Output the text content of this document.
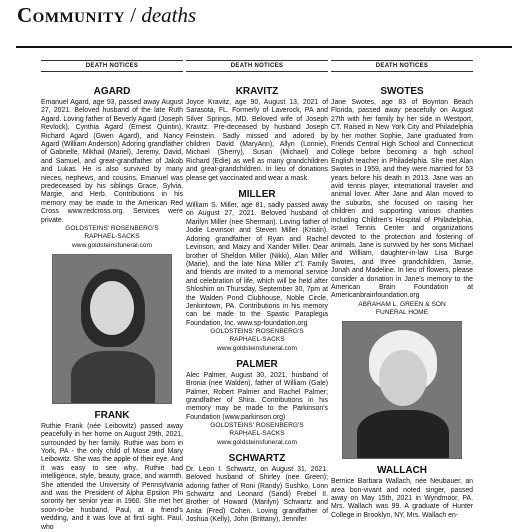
Community / deaths
DEATH NOTICES

AGARD

Emanuel Agard, age 93, passed away August 27, 2021. Beloved husband of the late Ruth Agard. Loving father of Beverly Agard (Joseph Revlock), Cynthia Agard (Ernest Quintin), Richard Agard (Gwen Agard), and Nancy Agard (William Anderson) Adoring grandfather of Gabrielle, Mikhail (Mariel), Jeremy, David, and Samuel, and great-grandfather of Jakob and Lukas. He is also survived by many nieces, nephews, and cousins. Emanuel was predeceased by his siblings Grace, Sylvia, Margie, and Herb. Contributions in his memory may be made to the American Red Cross www.redcross.org. Services were private.

GOLDSTEINS' ROSENBERG'S

RAPHAEL-SACKS

www.goldsteinsfuneral.com

FRANK

Ruthie Frank (née Leibowitz) passed away peacefully in her home on August 29th, 2021, surrounded by her family. Ruthie was born in York, PA - the only child of Mose and Mary Leibowitz. She was the apple of their eye. And it was easy to see why. Ruthie had intelligence, style, beauty, grace, and warmth. She attended the University of Pennsylvania and was the President of Alpha Epsilon Phi sorority her senior year in 1960. She met her soon-to-be husband, Paul, at a friend's wedding, and it was love at first sight. Paul, who

DEATH NOTICES

KRAVITZ

Joyce Kravitz, age 90, August 13, 2021 of Sarasota, FL. Formerly of Laverock, PA and Silver Springs, MD. Beloved wife of Joseph Kravitz. Pre-deceased by husband Joseph Feinstein. Sadly missed and adored by children David (MaryAnn), Allyn (Lonnie), Michael (Sherry), Susan (Michael) and Richard (Edie) as well as many grandchildren and great-grandchildren. In lieu of donations please get vaccinated and wear a mask.

MILLER

William S. Miller, age 81, sadly passed away on August 27, 2021. Beloved husband of Marilyn Miller (nee Sherman). Loving father of Jodie Levinson and Steven Miller (Kristin). Adoring grandfather of Ryan and Rachel Levinson, and Maizy and Xander Miller. Dear brother of Sheldon Miller (Nikki), Alan Miller (Marie), and the late Nina Miller z"l. Family and friends are invited to a memorial service and celebration of life, which will be held after Shloshim on Thursday, September 30, 7pm at the Walden Pond Clubhouse, Noble Circle, Jenkintown, PA. Contributions in his memory can be made to the Spastic Paraplegia Foundation, Inc. www.sp-foundation.org

GOLDSTEINS' ROSENBERG'S

RAPHAEL-SACKS

www.goldsteinsfuneral.com

PALMER

Alec Palmer, August 30, 2021, husband of Bronia (nee Walden), father of William (Gale) Palmer, Robert Palmer and Rachel Palmer; grandfather of Shira. Contributions in his memory may be made to the Parkinson's Foundation (www.parkinson.org)

GOLDSTEINS' ROSENBERG'S

RAPHAEL-SACKS

www.goldsteinsfuneral.com

SCHWARTZ

Dr. Leon I. Schwartz, on August 31, 2021. Beloved husband of Shirley (nee Green); adoring father of Roni (Randy) Sushko, Lonn Schwartz and Leonard (Sandi) Frebel II. Brother of Howard (Marilyn) Schwartz and Anita (Fred) Cohen. Loving grandfather of Joshua (Kelly), John (Brittany), Jennifer

DEATH NOTICES

SWOTES

Jane Swotes, age 83 of Boynton Beach Florida, passed away peacefully on August 27th with her family by her side in Westport, CT. Raised in New York City and Philadelphia by her mother Sophie, Jane graduated from Friends Central High School and Connecticut College before becoming a high school English teacher in Philadelphia. She met Alan Swotes in 1959, and they were married for 53 years before his death in 2013. Jane was an avid tennis player, international traveler and animal lover. After Jane and Alan moved to the suburbs, she focused on raising her children and supporting various charities including Children's Hospital of Philadelphia, Israel Tennis Center and organizations devoted to the protection and fostering of animals. Jane is survived by her sons Michael and William, daughter-in-law Lisa Burge Swotes, and three grandchildren, Jamie, Jonah and Madeline. In lieu of flowers, please consider a donation in Jane's memory to the American Brain Foundation at Americanbrainfoundation.org

ABRAHAM L. GREEN & SON

FUNERAL HOME

WALLACH

Bernice Barbara Wallach, née Neubauer, an area bon-vivant and noted singer, passed away on May 15th, 2021 in Wyndmoor, PA. Mrs. Wallach was 99. A graduate of Hunter College in Brooklyn, NY, Mrs. Wallach en-
